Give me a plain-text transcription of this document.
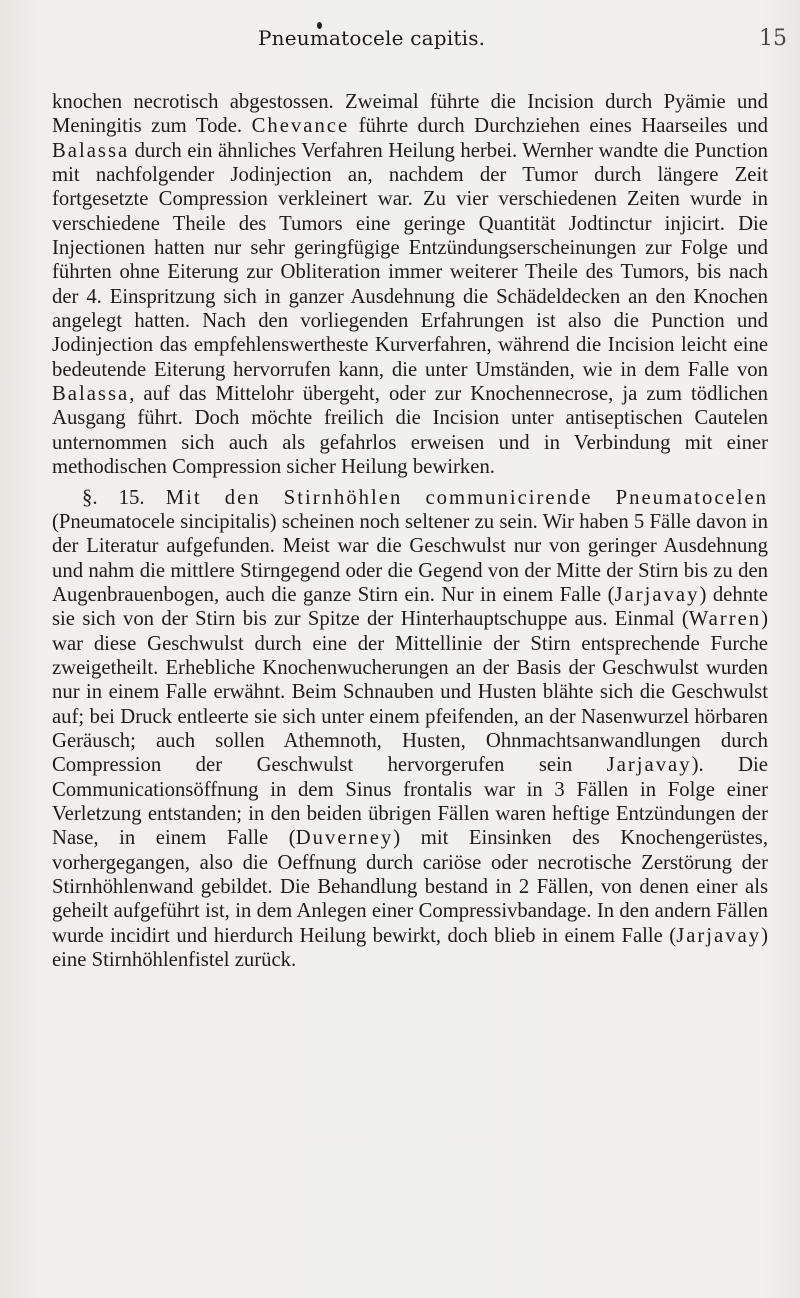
Pneumatocele capitis.	15

knochen necrotisch abgestossen. Zweimal führte die Incision durch Pyämie und Meningitis zum Tode. Chevance führte durch Durchziehen eines Haarseiles und Balassa durch ein ähnliches Verfahren Heilung herbei. Wernher wandte die Punction mit nachfolgender Jodinjection an, nachdem der Tumor durch längere Zeit fortgesetzte Compression verkleinert war. Zu vier verschiedenen Zeiten wurde in verschiedene Theile des Tumors eine geringe Quantität Jodtinctur injicirt. Die Injectionen hatten nur sehr geringfügige Entzündungserscheinungen zur Folge und führten ohne Eiterung zur Obliteration immer weiterer Theile des Tumors, bis nach der 4. Einspritzung sich in ganzer Ausdehnung die Schädeldecken an den Knochen angelegt hatten. Nach den vorliegenden Erfahrungen ist also die Punction und Jodinjection das empfehlenswertheste Kurverfahren, während die Incision leicht eine bedeutende Eiterung hervorrufen kann, die unter Umständen, wie in dem Falle von Balassa, auf das Mittelohr übergeht, oder zur Knochennecrose, ja zum tödlichen Ausgang führt. Doch möchte freilich die Incision unter antiseptischen Cautelen unternommen sich auch als gefahrlos erweisen und in Verbindung mit einer methodischen Compression sicher Heilung bewirken.

§. 15. Mit den Stirnhöhlen communicirende Pneumatocelen (Pneumatocele sincipitalis) scheinen noch seltener zu sein. Wir haben 5 Fälle davon in der Literatur aufgefunden. Meist war die Geschwulst nur von geringer Ausdehnung und nahm die mittlere Stirngegend oder die Gegend von der Mitte der Stirn bis zu den Augenbrauenbogen, auch die ganze Stirn ein. Nur in einem Falle (Jarjavay) dehnte sie sich von der Stirn bis zur Spitze der Hinterhauptschuppe aus. Einmal (Warren) war diese Geschwulst durch eine der Mittellinie der Stirn entsprechende Furche zweigetheilt. Erhebliche Knochenwucherungen an der Basis der Geschwulst wurden nur in einem Falle erwähnt. Beim Schnauben und Husten blähte sich die Geschwulst auf; bei Druck entleerte sie sich unter einem pfeifenden, an der Nasenwurzel hörbaren Geräusch; auch sollen Athemnoth, Husten, Ohnmachtsanwandlungen durch Compression der Geschwulst hervorgerufen sein Jarjavay). Die Communicationsöffnung in dem Sinus frontalis war in 3 Fällen in Folge einer Verletzung entstanden; in den beiden übrigen Fällen waren heftige Entzündungen der Nase, in einem Falle (Duverney) mit Einsinken des Knochengerüstes, vorhergegangen, also die Oeffnung durch cariöse oder necrotische Zerstörung der Stirnhöhlenwand gebildet. Die Behandlung bestand in 2 Fällen, von denen einer als geheilt aufgeführt ist, in dem Anlegen einer Compressivbandage. In den andern Fällen wurde incidirt und hierdurch Heilung bewirkt, doch blieb in einem Falle (Jarjavay) eine Stirnhöhlenfistel zurück.
